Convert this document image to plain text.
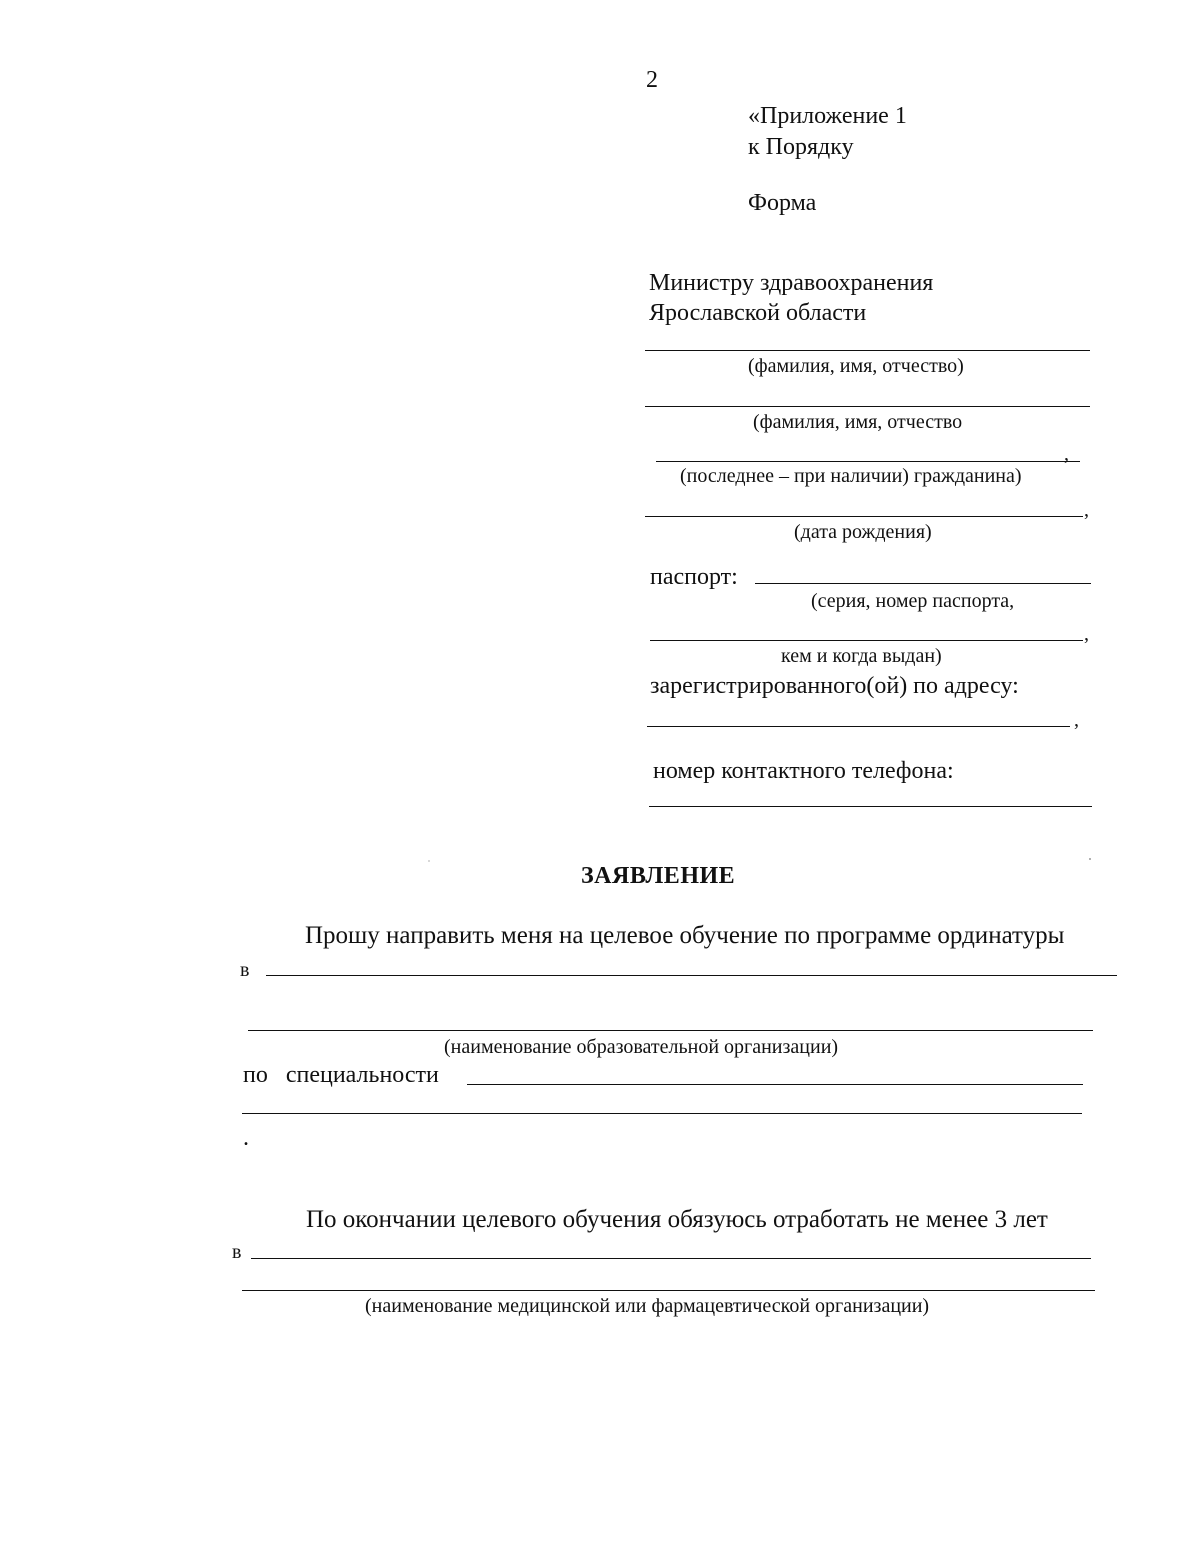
2
«Приложение 1
к Порядку
Форма
Министру здравоохранения
Ярославской области
(фамилия, имя, отчество)
(фамилия, имя, отчество
,
(последнее – при наличии) гражданина)
,
(дата рождения)
паспорт:
(серия, номер паспорта,
,
кем и когда выдан)
зарегистрированного(ой) по адресу:
,
номер контактного телефона:
ЗАЯВЛЕНИЕ
Прошу направить меня на целевое обучение по программе ординатуры
в
(наименование образовательной организации)
по   специальности
.
По окончании целевого обучения обязуюсь отработать не менее 3 лет
в
(наименование медицинской или фармацевтической организации)
